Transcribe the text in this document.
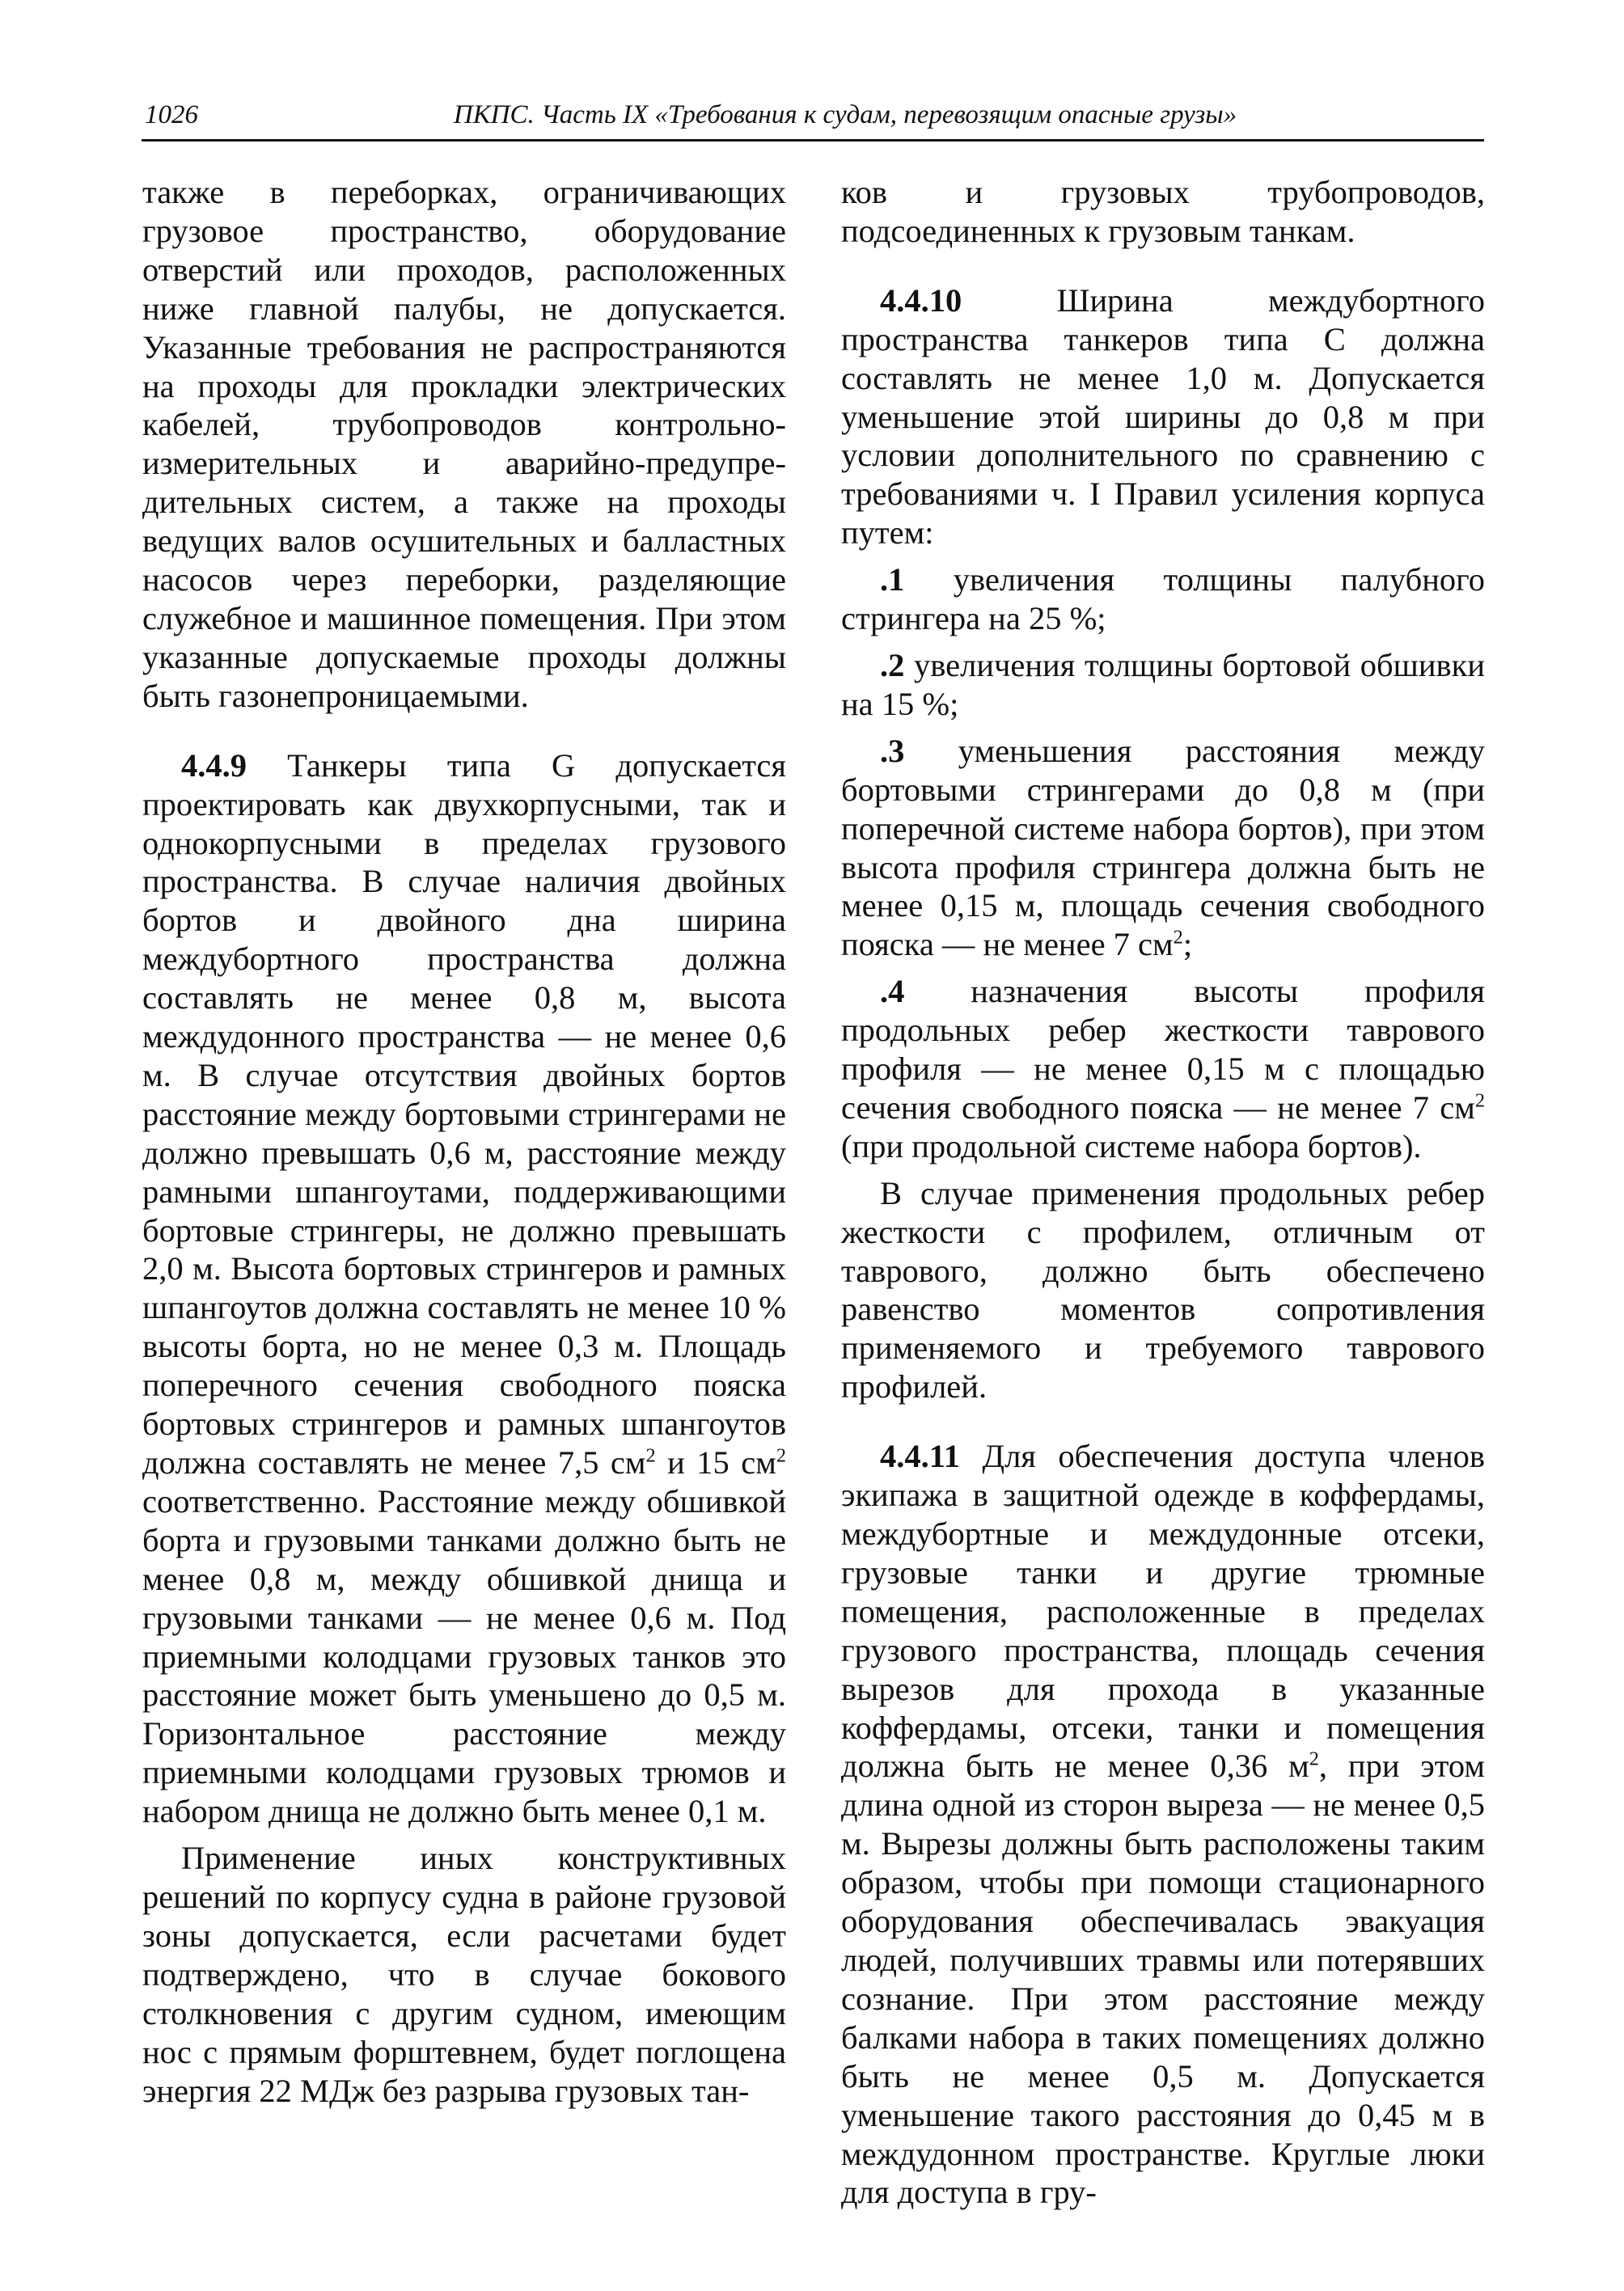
1026	ПКПС. Часть IX «Требования к судам, перевозящим опасные грузы»

также в переборках, ограничивающих грузовое пространство, оборудование отверстий или проходов, расположенных ниже главной палубы, не допускается. Указанные требования не распространяются на проходы для прокладки электрических кабелей, трубопроводов контрольно-измерительных и аварийно-предупре-дительных систем, а также на проходы ведущих валов осушительных и балластных насосов через переборки, разделяющие служебное и машинное помещения. При этом указанные допускаемые проходы должны быть газонепроницаемыми.

4.4.9 Танкеры типа G допускается проектировать как двухкорпусными, так и однокорпусными в пределах грузового пространства. В случае наличия двойных бортов и двойного дна ширина междубортного пространства должна составлять не менее 0,8 м, высота междудонного пространства — не менее 0,6 м. В случае отсутствия двойных бортов расстояние между бортовыми стрингерами не должно превышать 0,6 м, расстояние между рамными шпангоутами, поддерживающими бортовые стрингеры, не должно превышать 2,0 м. Высота бортовых стрингеров и рамных шпангоутов должна составлять не менее 10 % высоты борта, но не менее 0,3 м. Площадь поперечного сечения свободного пояска бортовых стрингеров и рамных шпангоутов должна составлять не менее 7,5 $см^2$ и 15 $см^2$ соответственно. Расстояние между обшивкой борта и грузовыми танками должно быть не менее 0,8 м, между обшивкой днища и грузовыми танками — не менее 0,6 м. Под приемными колодцами грузовых танков это расстояние может быть уменьшено до 0,5 м. Горизонтальное расстояние между приемными колодцами грузовых трюмов и набором днища не должно быть менее 0,1 м.

Применение иных конструктивных решений по корпусу судна в районе грузовой зоны допускается, если расчетами будет подтверждено, что в случае бокового столкновения с другим судном, имеющим нос с прямым форштевнем, будет поглощена энергия 22 МДж без разрыва грузовых тан-

ков и грузовых трубопроводов, подсоединенных к грузовым танкам.

4.4.10 Ширина междубортного пространства танкеров типа С должна составлять не менее 1,0 м. Допускается уменьшение этой ширины до 0,8 м при условии дополнительного по сравнению с требованиями ч. I Правил усиления корпуса путем:

.1 увеличения толщины палубного стрингера на 25 %;

.2 увеличения толщины бортовой обшивки на 15 %;

.3 уменьшения расстояния между бортовыми стрингерами до 0,8 м (при поперечной системе набора бортов), при этом высота профиля стрингера должна быть не менее 0,15 м, площадь сечения свободного пояска — не менее 7 $см^2$;

.4 назначения высоты профиля продольных ребер жесткости таврового профиля — не менее 0,15 м с площадью сечения свободного пояска — не менее 7 $см^2$ (при продольной системе набора бортов).

В случае применения продольных ребер жесткости с профилем, отличным от таврового, должно быть обеспечено равенство моментов сопротивления применяемого и требуемого таврового профилей.

4.4.11 Для обеспечения доступа членов экипажа в защитной одежде в коффердамы, междубортные и междудонные отсеки, грузовые танки и другие трюмные помещения, расположенные в пределах грузового пространства, площадь сечения вырезов для прохода в указанные коффердамы, отсеки, танки и помещения должна быть не менее 0,36 $м^2$, при этом длина одной из сторон выреза — не менее 0,5 м. Вырезы должны быть расположены таким образом, чтобы при помощи стационарного оборудования обеспечивалась эвакуация людей, получивших травмы или потерявших сознание. При этом расстояние между балками набора в таких помещениях должно быть не менее 0,5 м. Допускается уменьшение такого расстояния до 0,45 м в междудонном пространстве. Круглые люки для доступа в гру-
